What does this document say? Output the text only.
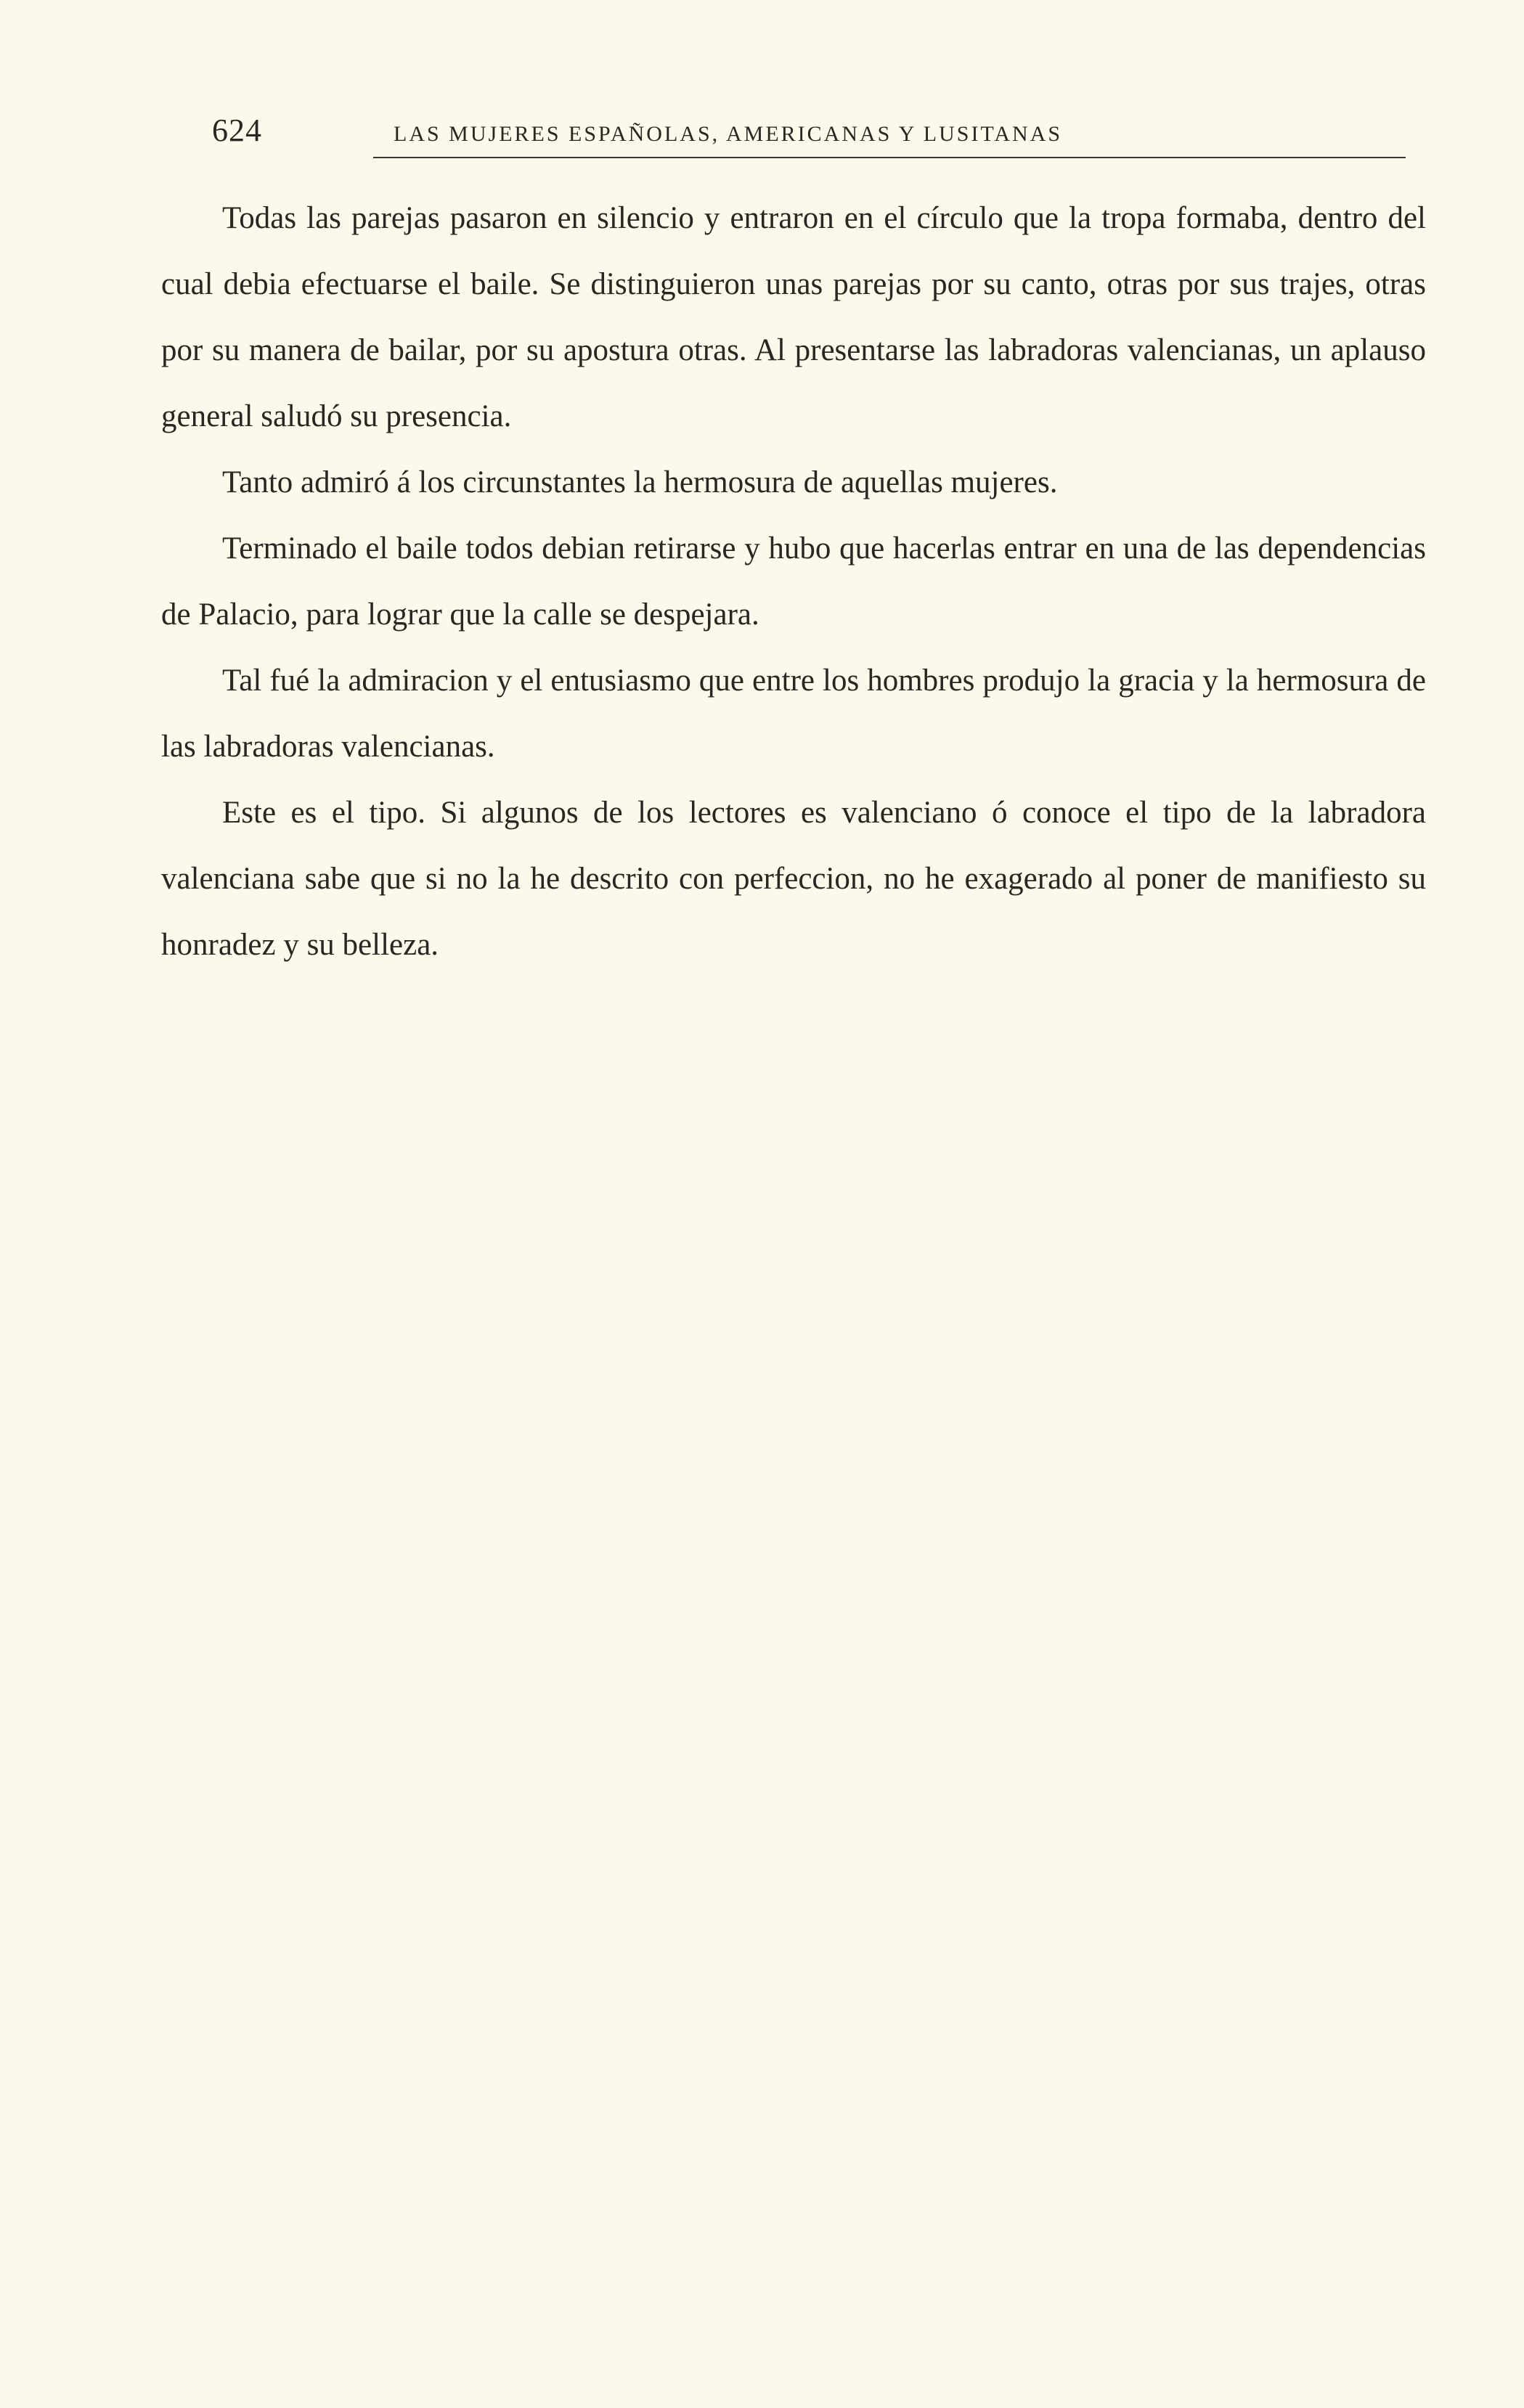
624	LAS MUJERES ESPAÑOLAS, AMERICANAS Y LUSITANAS

Todas las parejas pasaron en silencio y entraron en el círculo que la tropa formaba, dentro del cual debia efectuarse el baile. Se distinguieron unas parejas por su canto, otras por sus trajes, otras por su manera de bailar, por su apostura otras. Al presentarse las labradoras valencianas, un aplauso general saludó su presencia.

Tanto admiró á los circunstantes la hermosura de aquellas mujeres.

Terminado el baile todos debian retirarse y hubo que hacerlas entrar en una de las dependencias de Palacio, para lograr que la calle se despejara.

Tal fué la admiracion y el entusiasmo que entre los hombres produjo la gracia y la hermosura de las labradoras valencianas.

Este es el tipo. Si algunos de los lectores es valenciano ó conoce el tipo de la labradora valenciana sabe que si no la he descrito con perfeccion, no he exagerado al poner de manifiesto su honradez y su belleza.
